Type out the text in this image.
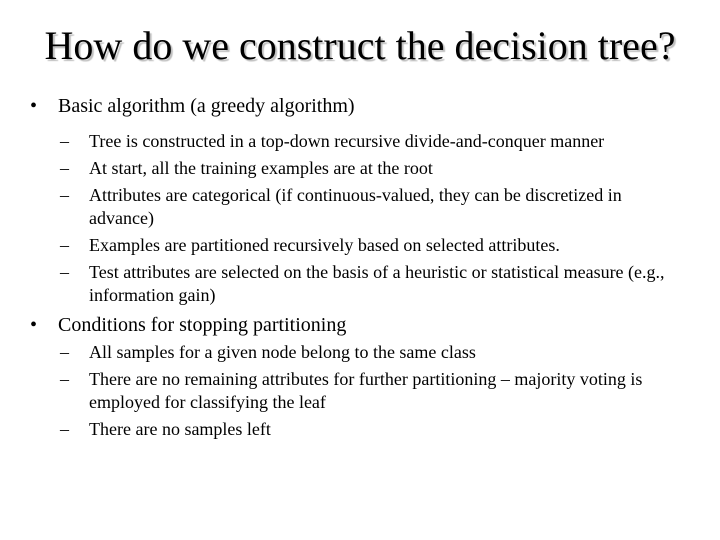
How do we construct the decision tree?
•	Basic algorithm (a greedy algorithm)
–	Tree is constructed in a top-down recursive divide-and-conquer manner
–	At start, all the training examples are at the root
–	Attributes are categorical (if continuous-valued, they can be discretized in advance)
–	Examples are partitioned recursively based on selected attributes.
–	Test attributes are selected on the basis of a heuristic or statistical measure (e.g., information gain)
•	Conditions for stopping partitioning
–	All samples for a given node belong to the same class
–	There are no remaining attributes for further partitioning – majority voting is employed for classifying the leaf
–	There are no samples left
